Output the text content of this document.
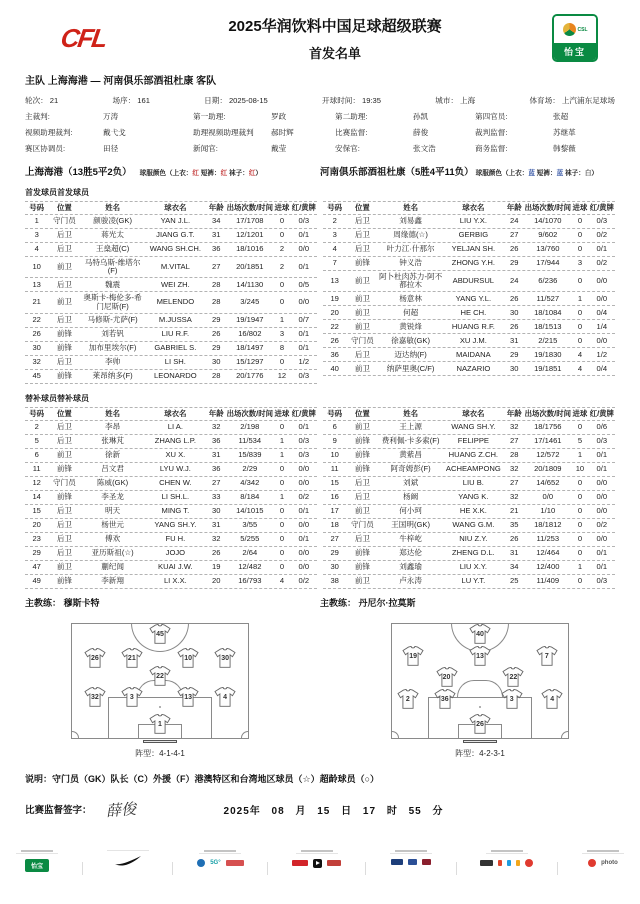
CFL	2025华润饮料中国足球超级联赛
首发名单
CSL
怡宝
主队 上海海港 — 河南俱乐部酒祖杜康 客队
轮次： 21	场序： 161	日期： 2025-08-15	开球时间： 19:35	城市： 上海	体育场： 上汽浦东足球场
主裁判:	万涛	第一助理:	罗政	第二助理:	孙凯	第四官员:	张超
视频助理裁判:	戴弋戈	助理视频助理裁判	郝时辉	比赛监督:	薛俊	裁判监督:	苏继革
赛区协调员:	田径	新闻官:	戴莹	安保官:	张文浩	商务监督:	韩黎薇
上海海港（13胜5平2负） 球服颜色（上衣：红 短裤：红 袜子：红）	河南俱乐部酒祖杜康（5胜4平11负） 球服颜色（上衣：蓝 短裤：蓝 袜子：白）
首发球员首发球员
号码	位置	姓名	球衣名	年龄 出场次数/时间 进球 红/黄牌
1	守门员	颜骏凌(GK)	YAN J.L.	34	17/1708	0	0/3
3	后卫	蒋光太	JIANG G.T.	31	12/1201	0	0/1
4	后卫	王燊超(C)	WANG SH.CH.	36	18/1016	2	0/0
10	前卫	马特乌斯-维塔尔(F)	M.VITAL	27	20/1851	2	0/1
13	后卫	魏震	WEI ZH.	28	14/1130	0	0/5
21	前卫	奥斯卡-梅伦多-希门尼斯(F)	MELENDO	28	3/245	0	0/0
22	后卫	马修斯-尤萨(F)	M.JUSSA	29	19/1947	1	0/7
26	前锋	刘若钒	LIU R.F.	26	16/802	3	0/1
30	前锋	加布里埃尔(F)	GABRIEL S.	29	18/1497	8	0/1
32	后卫	李帅	LI SH.	30	15/1297	0	1/2
45	前锋	莱昂纳多(F)	LEONARDO	28	20/1776	12	0/3
号码	位置	姓名	球衣名	年龄 出场次数/时间 进球 红/黄牌
2	后卫	刘易鑫	LIU Y.X.	24	14/1070	0	0/3
3	后卫	周缘德(☆)	GERBIG	27	9/602	0	0/2
4	后卫	叶力江·什那尔	YELJAN SH.	26	13/760	0	0/1
7	前锋	钟义浩	ZHONG Y.H.	29	17/944	3	0/2
13	前卫	阿卜杜肉苏力-阿不都拉木	ABDURSUL	24	6/236	0	0/0
19	前卫	杨意林	YANG Y.L.	26	11/527	1	0/0
20	前卫	何超	HE CH.	30	18/1084	0	0/4
22	前卫	黄锐烽	HUANG R.F.	26	18/1513	0	1/4
26	守门员	徐嘉敏(GK)	XU J.M.	31	2/215	0	0/0
36	后卫	迈达纳(F)	MAIDANA	29	19/1830	4	1/2
40	前卫	纳萨里奥(C/F)	NAZARIO	30	19/1851	4	0/4
替补球员替补球员
号码	位置	姓名	球衣名	年龄 出场次数/时间 进球 红/黄牌
2	后卫	李昂	LI A.	32	2/198	0	0/1
5	后卫	张琳芃	ZHANG L.P.	36	11/534	1	0/3
6	前卫	徐新	XU X.	31	15/839	1	0/3
11	前锋	吕文君	LYU W.J.	36	2/29	0	0/0
12	守门员	陈威(GK)	CHEN W.	27	4/342	0	0/0
14	前锋	李圣龙	LI SH.L.	33	8/184	1	0/2
15	后卫	明天	MING T.	30	14/1015	0	0/1
20	后卫	杨世元	YANG SH.Y.	31	3/55	0	0/0
23	后卫	傅欢	FU H.	32	5/255	0	0/1
29	后卫	亚历斯祖(☆)	JOJO	26	2/64	0	0/0
47	前卫	蒯纪闻	KUAI J.W.	19	12/482	0	0/0
49	前锋	李新翔	LI X.X.	20	16/793	4	0/2
号码	位置	姓名	球衣名	年龄 出场次数/时间 进球 红/黄牌
6	前卫	王上源	WANG SH.Y.	32	18/1756	0	0/6
9	前锋	费利佩-卡多索(F)	FELIPPE	27	17/1461	5	0/3
10	前锋	黄紫昌	HUANG Z.CH.	28	12/572	1	0/1
11	前锋	阿奇姆彭(F)	ACHEAMPONG	32	20/1809	10	0/1
15	后卫	刘斌	LIU B.	27	14/652	0	0/0
16	后卫	杨阚	YANG K.	32	0/0	0	0/0
17	前卫	何小珂	HE X.K.	21	1/10	0	0/0
18	守门员	王国明(GK)	WANG G.M.	35	18/1812	0	0/2
27	后卫	牛梓屹	NIU Z.Y.	26	11/253	0	0/0
29	前锋	郑达伦	ZHENG D.L.	31	12/464	0	0/1
30	前锋	刘鑫瑜	LIU X.Y.	34	12/400	1	0/1
38	前卫	卢永涛	LU Y.T.	25	11/409	0	0/3
主教练： 穆斯卡特	主教练： 丹尼尔·拉莫斯
45
26	21	10	30
22
32	3	13	4
1
阵型：4-1-4-1
40
19	13	7
20	22
2	36	3	4
26
阵型：4-2-3-1
说明：守门员（GK）队长（C）外援（F）港澳特区和台湾地区球员（☆）超龄球员（○）
比赛监督签字： 薛俊	2025年 08 月 15 日 17 时 55 分
怡宝
5G°	photo
